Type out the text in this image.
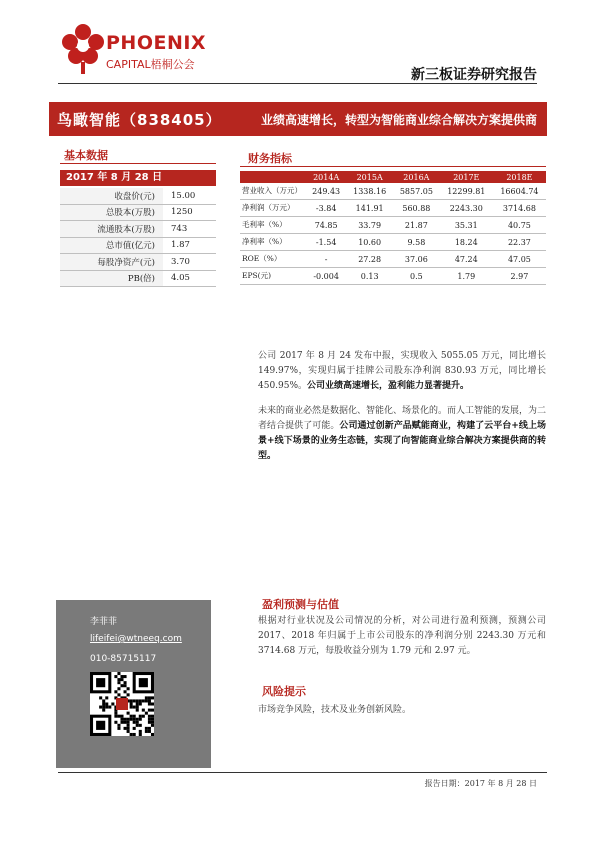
PHOENIX
CAPITAL梧桐公会
新三板证券研究报告
鸟瞰智能（838405）	业绩高速增长，转型为智能商业综合解决方案提供商
基本数据
2017 年 8 月 28 日
收盘价(元)	15.00
总股本(万股)	1250
流通股本(万股)	743
总市值(亿元)	1.87
每股净资产(元)	3.70
PB(倍)	4.05
财务指标
	2014A	2015A	2016A	2017E	2018E
营业收入（万元）	249.43	1338.16	5857.05	12299.81	16604.74
净利润（万元）	-3.84	141.91	560.88	2243.30	3714.68
毛利率（%）	74.85	33.79	21.87	35.31	40.75
净利率（%）	-1.54	10.60	9.58	18.24	22.37
ROE（%）	-	27.28	37.06	47.24	47.05
EPS(元)	-0.004	0.13	0.5	1.79	2.97
公司 2017 年 8 月 24 发布中报，实现收入 5055.05 万元，同比增长 149.97%，实现归属于挂牌公司股东净利润 830.93 万元，同比增长 450.95%。公司业绩高速增长，盈利能力显著提升。
未来的商业必然是数据化、智能化、场景化的。而人工智能的发展，为二者结合提供了可能。公司通过创新产品赋能商业，构建了云平台+线上场景+线下场景的业务生态链，实现了向智能商业综合解决方案提供商的转型。
盈利预测与估值
根据对行业状况及公司情况的分析，对公司进行盈利预测，预测公司 2017、2018 年归属于上市公司股东的净利润分别 2243.30 万元和 3714.68 万元，每股收益分别为 1.79 元和 2.97 元。
风险提示
市场竞争风险，技术及业务创新风险。
李菲菲
lifeifei@wtneeq.com
010-85715117
报告日期：2017 年 8 月 28 日
